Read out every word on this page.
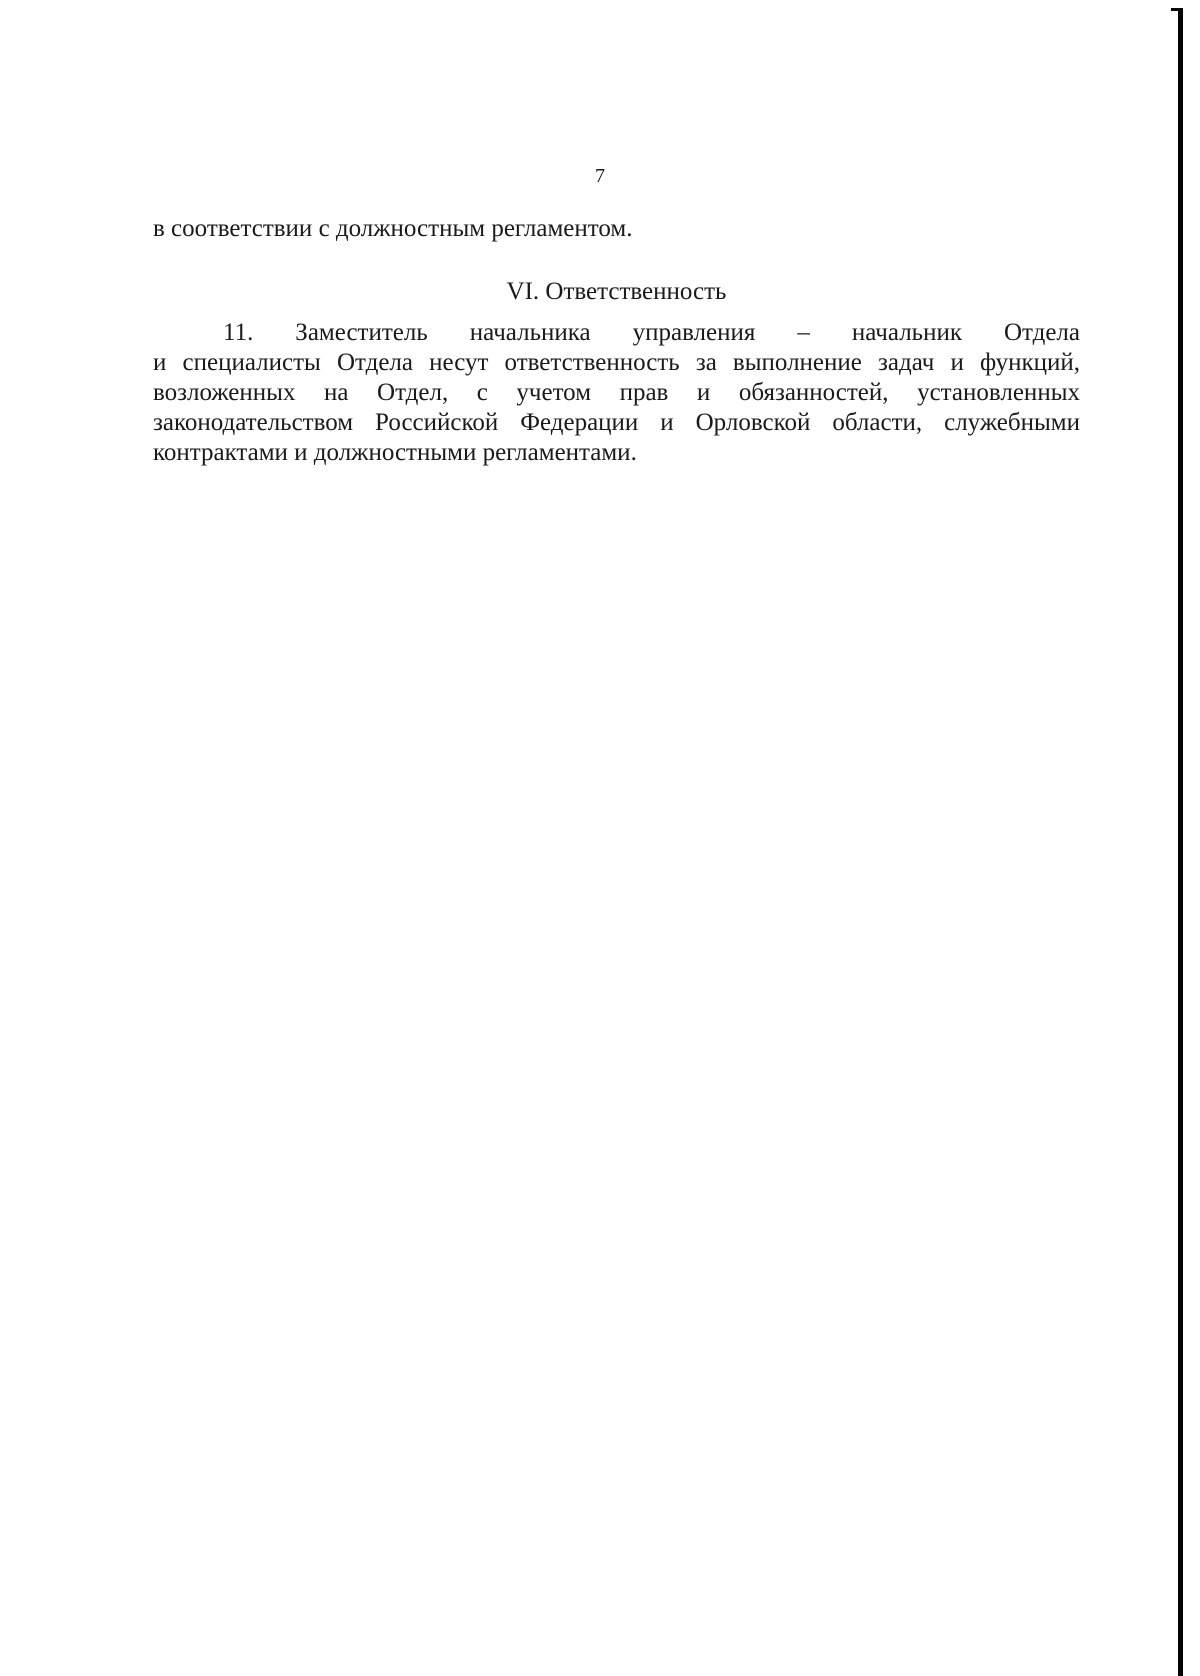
7
в соответствии с должностным регламентом.
VI. Ответственность
11. Заместитель начальника управления – начальник Отдела
и специалисты Отдела несут ответственность за выполнение задач и функций,
возложенных на Отдел, с учетом прав и обязанностей, установленных
законодательством Российской Федерации и Орловской области, служебными
контрактами и должностными регламентами.
